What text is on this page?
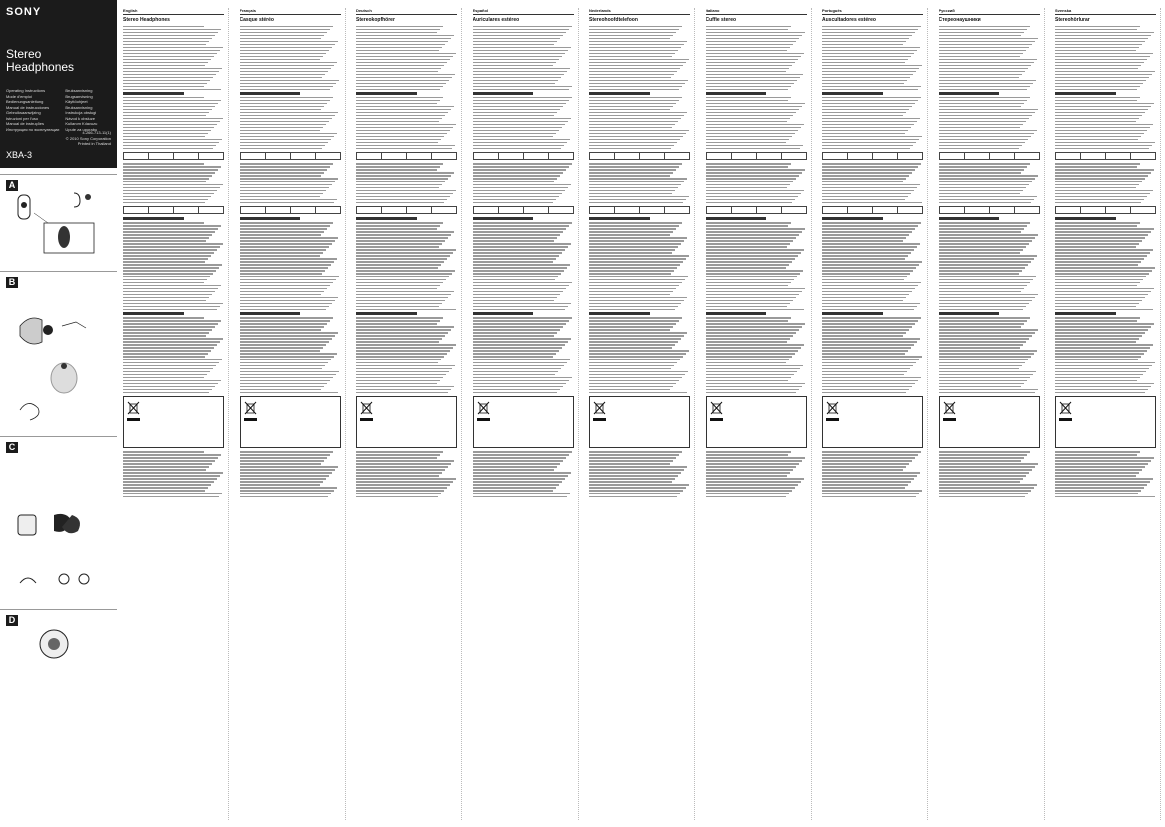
SONY
Stereo
Headphones
Operating Instructions
Mode d'emploi
Bedienungsanleitung
Manual de instrucciones
Gebruiksaanwijzing
Istruzioni per l'uso
Manual de instruções
Инструкция по эксплуатации
Bruksanvisning
Brugsanvisning
Käyttöohjeet
Bruksanvisning
Instrukcja obsługi
Návod k obsluze
Kullanım Kılavuzu
Upute za uporabu
4-266-713-11(1)
© 2010 Sony Corporation
Printed in Thailand
XBA-3
A
B
C
D
English
Stereo Headphones

Français
Casque stéréo

Deutsch
Stereokopfhörer

Español
Auriculares estéreo

Nederlands
Stereohoofdtelefoon

Italiano
Cuffie stereo

Português
Auscultadores estéreo

Русский
Стереонаушники

Svenska
Stereohörlurar
